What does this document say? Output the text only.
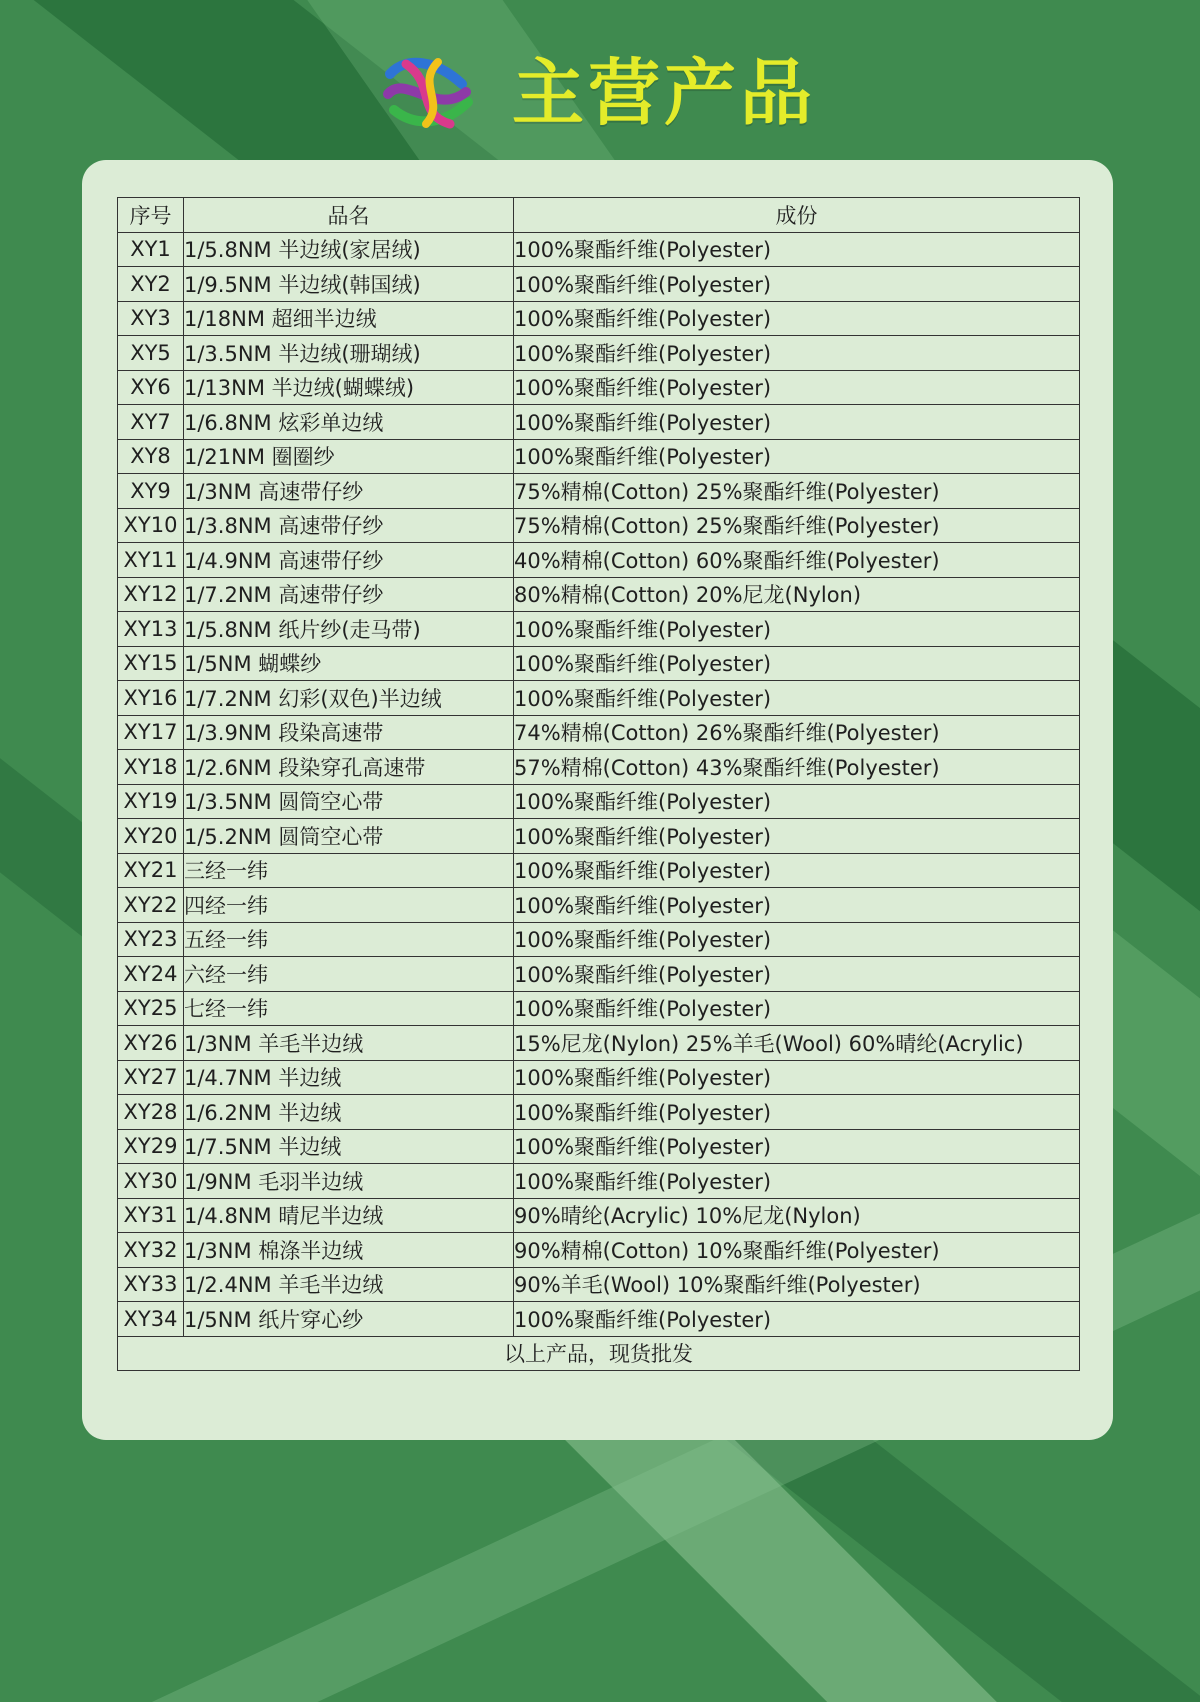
主营产品
序号	品名	成份
XY1	1/5.8NM 半边绒(家居绒)	100%聚酯纤维(Polyester)
XY2	1/9.5NM 半边绒(韩国绒)	100%聚酯纤维(Polyester)
XY3	1/18NM 超细半边绒	100%聚酯纤维(Polyester)
XY5	1/3.5NM 半边绒(珊瑚绒)	100%聚酯纤维(Polyester)
XY6	1/13NM 半边绒(蝴蝶绒)	100%聚酯纤维(Polyester)
XY7	1/6.8NM 炫彩单边绒	100%聚酯纤维(Polyester)
XY8	1/21NM 圈圈纱	100%聚酯纤维(Polyester)
XY9	1/3NM 高速带仔纱	75%精棉(Cotton) 25%聚酯纤维(Polyester)
XY10	1/3.8NM 高速带仔纱	75%精棉(Cotton) 25%聚酯纤维(Polyester)
XY11	1/4.9NM 高速带仔纱	40%精棉(Cotton) 60%聚酯纤维(Polyester)
XY12	1/7.2NM 高速带仔纱	80%精棉(Cotton) 20%尼龙(Nylon)
XY13	1/5.8NM 纸片纱(走马带)	100%聚酯纤维(Polyester)
XY15	1/5NM 蝴蝶纱	100%聚酯纤维(Polyester)
XY16	1/7.2NM 幻彩(双色)半边绒	100%聚酯纤维(Polyester)
XY17	1/3.9NM 段染高速带	74%精棉(Cotton) 26%聚酯纤维(Polyester)
XY18	1/2.6NM 段染穿孔高速带	57%精棉(Cotton) 43%聚酯纤维(Polyester)
XY19	1/3.5NM 圆筒空心带	100%聚酯纤维(Polyester)
XY20	1/5.2NM 圆筒空心带	100%聚酯纤维(Polyester)
XY21	三经一纬	100%聚酯纤维(Polyester)
XY22	四经一纬	100%聚酯纤维(Polyester)
XY23	五经一纬	100%聚酯纤维(Polyester)
XY24	六经一纬	100%聚酯纤维(Polyester)
XY25	七经一纬	100%聚酯纤维(Polyester)
XY26	1/3NM 羊毛半边绒	15%尼龙(Nylon) 25%羊毛(Wool) 60%晴纶(Acrylic)
XY27	1/4.7NM 半边绒	100%聚酯纤维(Polyester)
XY28	1/6.2NM 半边绒	100%聚酯纤维(Polyester)
XY29	1/7.5NM 半边绒	100%聚酯纤维(Polyester)
XY30	1/9NM 毛羽半边绒	100%聚酯纤维(Polyester)
XY31	1/4.8NM 晴尼半边绒	90%晴纶(Acrylic) 10%尼龙(Nylon)
XY32	1/3NM 棉涤半边绒	90%精棉(Cotton) 10%聚酯纤维(Polyester)
XY33	1/2.4NM 羊毛半边绒	90%羊毛(Wool) 10%聚酯纤维(Polyester)
XY34	1/5NM 纸片穿心纱	100%聚酯纤维(Polyester)
以上产品，现货批发		
